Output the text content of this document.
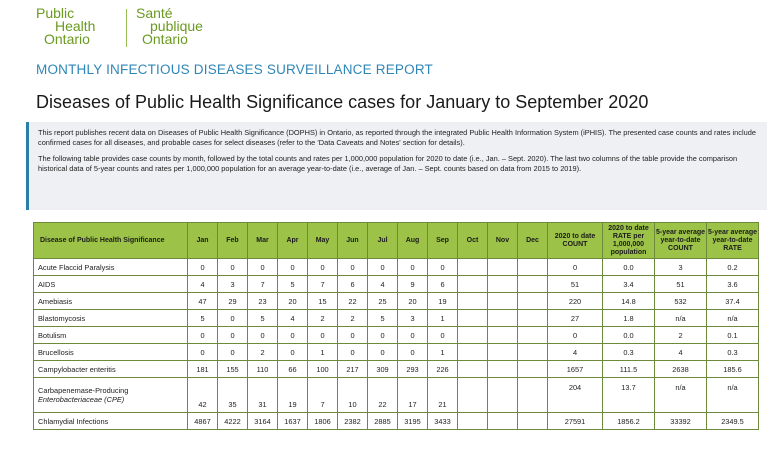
Public
Health
Ontario
Santé
publique
Ontario
MONTHLY INFECTIOUS DISEASES SURVEILLANCE REPORT
Diseases of Public Health Significance cases for January to September 2020

This report publishes recent data on Diseases of Public Health Significance (DOPHS) in Ontario, as reported through the integrated Public Health Information System (iPHIS). The presented case counts and rates include confirmed cases for all diseases, and probable cases for select diseases (refer to the 'Data Caveats and Notes' section for details).

The following table provides case counts by month, followed by the total counts and rates per 1,000,000 population for 2020 to date (i.e., Jan. – Sept. 2020). The last two columns of the table provide the comparison historical data of 5-year counts and rates per 1,000,000 population for an average year-to-date (i.e., average of Jan. – Sept. counts based on data from 2015 to 2019).

Disease of Public Health Significance	Jan	Feb	Mar	Apr	May	Jun	Jul	Aug	Sep	Oct	Nov	Dec	2020 to date COUNT	2020 to date RATE per 1,000,000 population	5-year average year-to-date COUNT	5-year average year-to-date RATE
Acute Flaccid Paralysis	0	0	0	0	0	0	0	0	0				0	0.0	3	0.2
AIDS	4	3	7	5	7	6	4	9	6				51	3.4	51	3.6
Amebiasis	47	29	23	20	15	22	25	20	19				220	14.8	532	37.4
Blastomycosis	5	0	5	4	2	2	5	3	1				27	1.8	n/a	n/a
Botulism	0	0	0	0	0	0	0	0	0				0	0.0	2	0.1
Brucellosis	0	0	2	0	1	0	0	0	1				4	0.3	4	0.3
Campylobacter enteritis	181	155	110	66	100	217	309	293	226				1657	111.5	2638	185.6
Carbapenemase-Producing
Enterobacteriaceae (CPE)	42	35	31	19	7	10	22	17	21				204	13.7	n/a	n/a
Chlamydial Infections	4867	4222	3164	1637	1806	2382	2885	3195	3433				27591	1856.2	33392	2349.5
